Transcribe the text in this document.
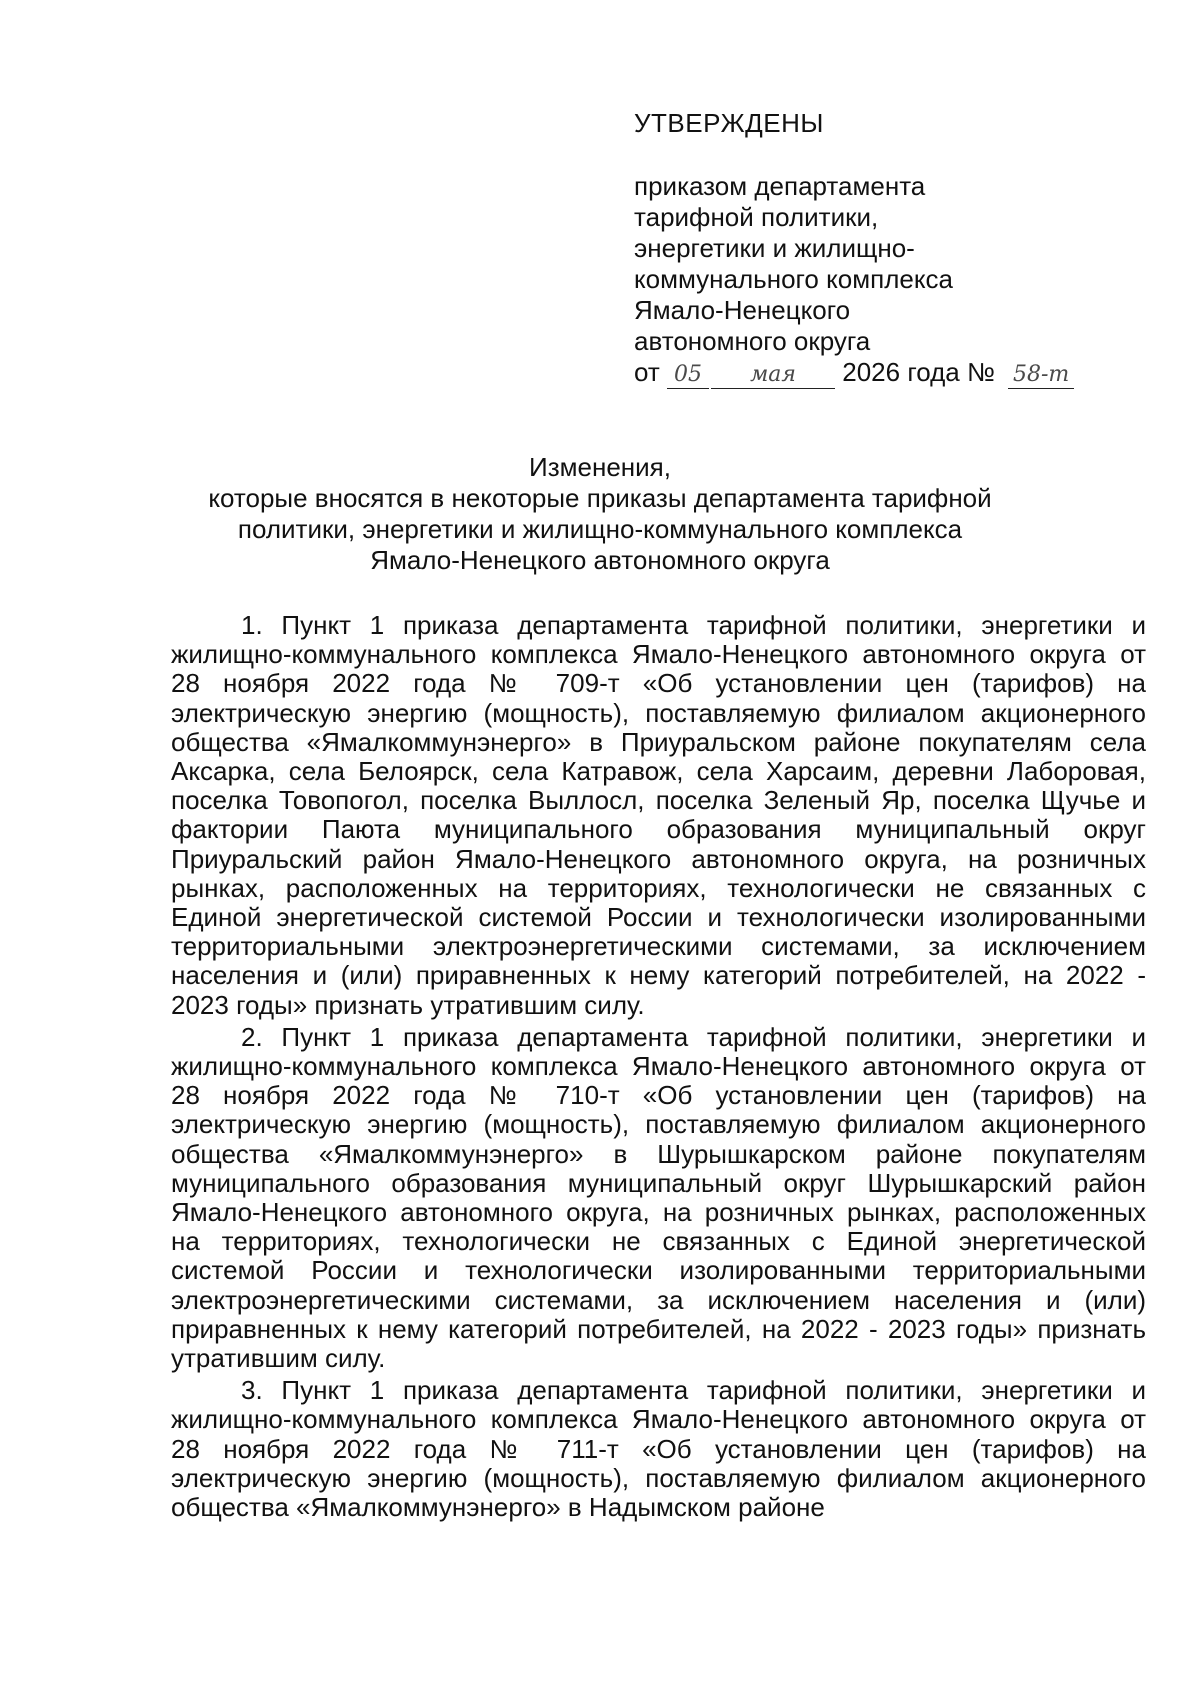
УТВЕРЖДЕНЫ
приказом департамента
тарифной политики,
энергетики и жилищно-
коммунального комплекса
Ямало-Ненецкого
автономного округа
от 05 мая 2026 года № 58-т
Изменения,
которые вносятся в некоторые приказы департамента тарифной
политики, энергетики и жилищно-коммунального комплекса
Ямало-Ненецкого автономного округа

1. Пункт 1 приказа департамента тарифной политики, энергетики и жилищно-коммунального комплекса Ямало-Ненецкого автономного округа от 28 ноября 2022 года № 709-т «Об установлении цен (тарифов) на электрическую энергию (мощность), поставляемую филиалом акционерного общества «Ямалкоммунэнерго» в Приуральском районе покупателям села Аксарка, села Белоярск, села Катравож, села Харсаим, деревни Лаборовая, поселка Товопогол, поселка Выллосл, поселка Зеленый Яр, поселка Щучье и фактории Паюта муниципального образования муниципальный округ Приуральский район Ямало-Ненецкого автономного округа, на розничных рынках, расположенных на территориях, технологически не связанных с Единой энергетической системой России и технологически изолированными территориальными электроэнергетическими системами, за исключением населения и (или) приравненных к нему категорий потребителей, на 2022 - 2023 годы» признать утратившим силу.

2. Пункт 1 приказа департамента тарифной политики, энергетики и жилищно-коммунального комплекса Ямало-Ненецкого автономного округа от 28 ноября 2022 года № 710-т «Об установлении цен (тарифов) на электрическую энергию (мощность), поставляемую филиалом акционерного общества «Ямалкоммунэнерго» в Шурышкарском районе покупателям муниципального образования муниципальный округ Шурышкарский район Ямало-Ненецкого автономного округа, на розничных рынках, расположенных на территориях, технологически не связанных с Единой энергетической системой России и технологически изолированными территориальными электроэнергетическими системами, за исключением населения и (или) приравненных к нему категорий потребителей, на 2022 - 2023 годы» признать утратившим силу.

3. Пункт 1 приказа департамента тарифной политики, энергетики и жилищно-коммунального комплекса Ямало-Ненецкого автономного округа от 28 ноября 2022 года № 711-т «Об установлении цен (тарифов) на электрическую энергию (мощность), поставляемую филиалом акционерного общества «Ямалкоммунэнерго» в Надымском районе
